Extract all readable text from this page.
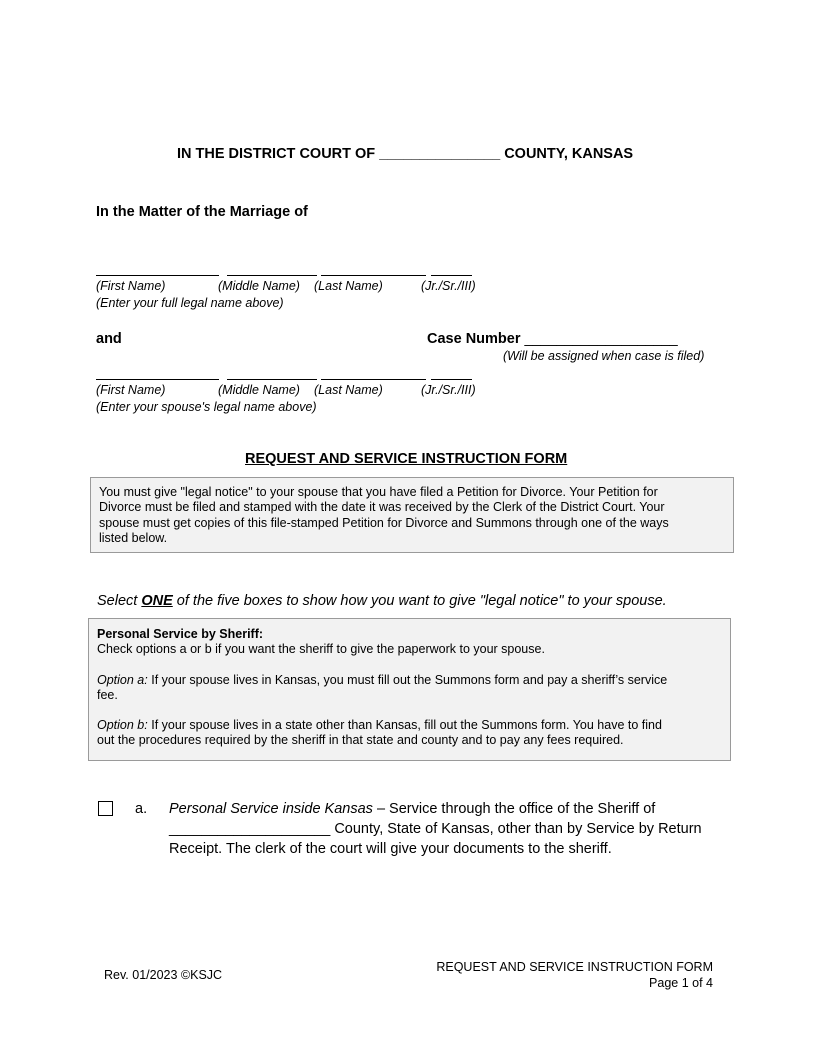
IN THE DISTRICT COURT OF _______________ COUNTY, KANSAS
In the Matter of the Marriage of
(First Name)	(Middle Name) (Last Name)	(Jr./Sr./III)
(Enter your full legal name above)
and	Case Number ___________________
(Will be assigned when case is filed)
(First Name)	(Middle Name) (Last Name)	(Jr./Sr./III)
(Enter your spouse's legal name above)
REQUEST AND SERVICE INSTRUCTION FORM

You must give "legal notice" to your spouse that you have filed a Petition for Divorce. Your Petition for

Divorce must be filed and stamped with the date it was received by the Clerk of the District Court. Your

spouse must get copies of this file-stamped Petition for Divorce and Summons through one of the ways

listed below.

Select ONE of the five boxes to show how you want to give "legal notice" to your spouse.

Personal Service by Sheriff:

Check options a or b if you want the sheriff to give the paperwork to your spouse.

Option a: If your spouse lives in Kansas, you must fill out the Summons form and pay a sheriff’s service

fee.

Option b: If your spouse lives in a state other than Kansas, fill out the Summons form. You have to find

out the procedures required by the sheriff in that state and county and to pay any fees required.

a. Personal Service inside Kansas – Service through the office of the Sheriff of
____________________ County, State of Kansas, other than by Service by Return
Receipt. The clerk of the court will give your documents to the sheriff.
Rev. 01/2023 ©KSJC
REQUEST AND SERVICE INSTRUCTION FORM
Page 1 of 4
